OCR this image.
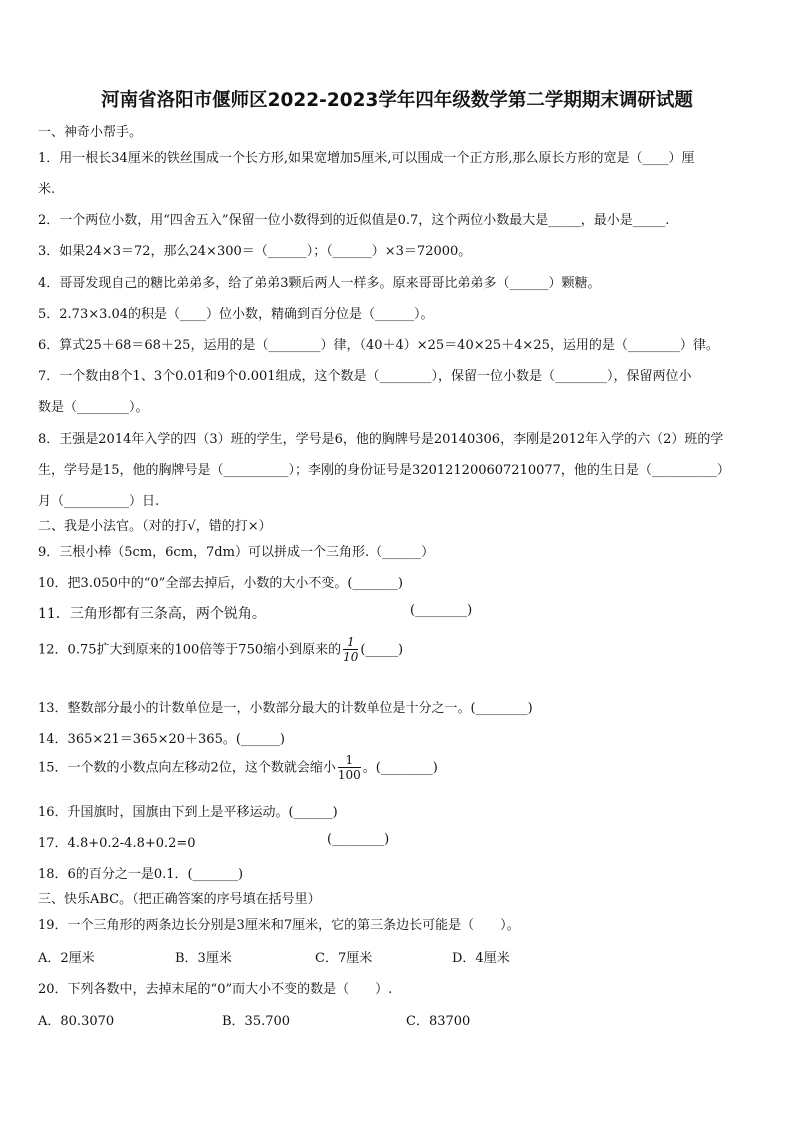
河南省洛阳市偃师区2022-2023学年四年级数学第二学期期末调研试题
一、神奇小帮手。
1．用一根长34厘米的铁丝围成一个长方形,如果宽增加5厘米,可以围成一个正方形,那么原长方形的宽是（____）厘
米.
2．一个两位小数，用“四舍五入”保留一位小数得到的近似值是0.7，这个两位小数最大是_____，最小是_____.
3．如果24×3＝72，那么24×300＝（______）；（______）×3＝72000。
4．哥哥发现自己的糖比弟弟多，给了弟弟3颗后两人一样多。原来哥哥比弟弟多（______）颗糖。
5．2.73×3.04的积是（____）位小数，精确到百分位是（______）。
6．算式25＋68＝68＋25，运用的是（________）律，（40＋4）×25＝40×25＋4×25，运用的是（________）律。
7．一个数由8个1、3个0.01和9个0.001组成，这个数是（________），保留一位小数是（________），保留两位小
数是（________）。
8．王强是2014年入学的四（3）班的学生，学号是6，他的胸牌号是20140306，李刚是2012年入学的六（2）班的学
生，学号是15，他的胸牌号是（__________）；李刚的身份证号是320121200607210077，他的生日是（__________）
月（__________）日.
二、我是小法官。（对的打√，错的打×）
9．三根小棒（5cm，6cm，7dm）可以拼成一个三角形.（______）
10．把3.050中的“0”全部去掉后，小数的大小不变。(_______)
11．三角形都有三条高，两个锐角。	(________)
12．0.75扩大到原来的100倍等于750缩小到原来的 $\frac{1}{10}$ (_____)
13．整数部分最小的计数单位是一，小数部分最大的计数单位是十分之一。(________)
14．365×21＝365×20＋365。(______)
15．一个数的小数点向左移动2位，这个数就会缩小 $\frac{1}{100}$ 。(________)
16．升国旗时，国旗由下到上是平移运动。(______)
17．4.8+0.2-4.8+0.2=0	(________)
18．6的百分之一是0.1．(_______)
三、快乐ABC。（把正确答案的序号填在括号里）
19．一个三角形的两条边长分别是3厘米和7厘米，它的第三条边长可能是（　　）。
A．2厘米	B．3厘米	C．7厘米	D．4厘米
20．下列各数中，去掉末尾的“0”而大小不变的数是（　　）.
A．80.3070	B．35.700	C．83700
